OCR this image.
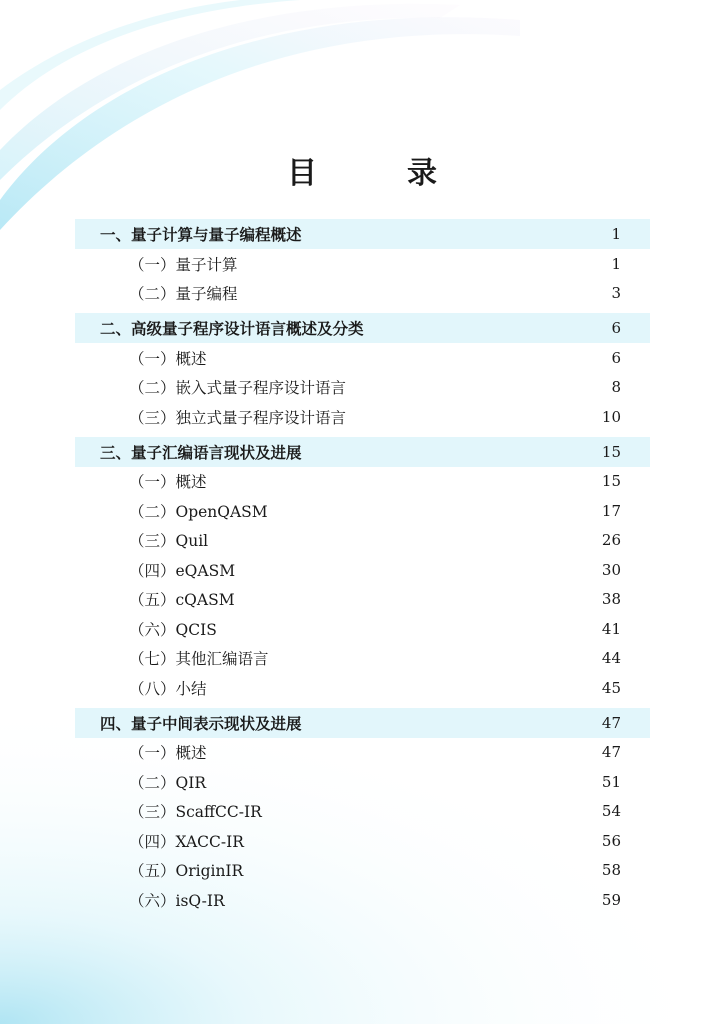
目　录
一、量子计算与量子编程概述	1
（一）量子计算	1
（二）量子编程	3
二、高级量子程序设计语言概述及分类	6
（一）概述	6
（二）嵌入式量子程序设计语言	8
（三）独立式量子程序设计语言	10
三、量子汇编语言现状及进展	15
（一）概述	15
（二）OpenQASM	17
（三）Quil	26
（四）eQASM	30
（五）cQASM	38
（六）QCIS	41
（七）其他汇编语言	44
（八）小结	45
四、量子中间表示现状及进展	47
（一）概述	47
（二）QIR	51
（三）ScaffCC-IR	54
（四）XACC-IR	56
（五）OriginIR	58
（六）isQ-IR	59
